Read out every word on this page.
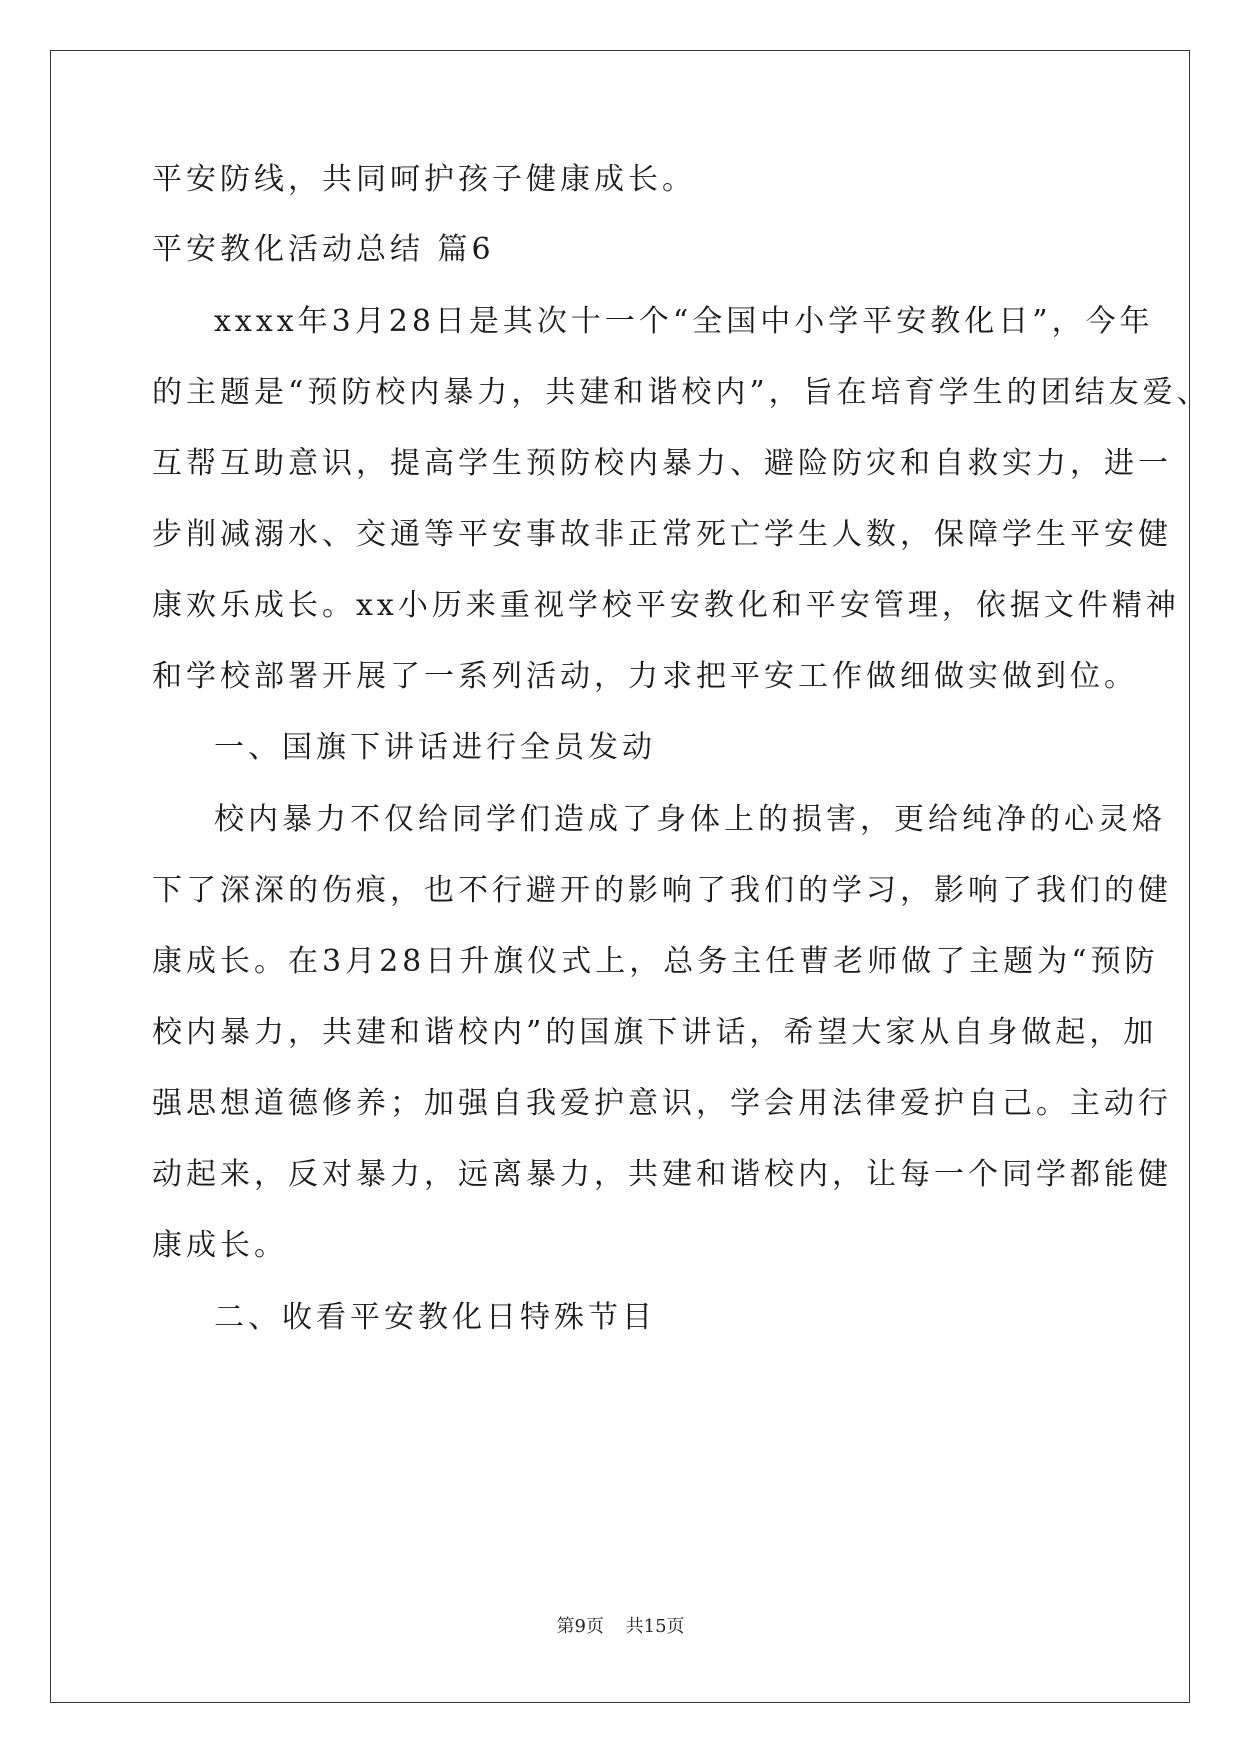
平安防线，共同呵护孩子健康成长。
平安教化活动总结 篇6
xxxx年3月28日是其次十一个“全国中小学平安教化日”，今年
的主题是“预防校内暴力，共建和谐校内”，旨在培育学生的团结友爱、
互帮互助意识，提高学生预防校内暴力、避险防灾和自救实力，进一
步削减溺水、交通等平安事故非正常死亡学生人数，保障学生平安健
康欢乐成长。xx小历来重视学校平安教化和平安管理，依据文件精神
和学校部署开展了一系列活动，力求把平安工作做细做实做到位。
一、国旗下讲话进行全员发动
校内暴力不仅给同学们造成了身体上的损害，更给纯净的心灵烙
下了深深的伤痕，也不行避开的影响了我们的学习，影响了我们的健
康成长。在3月28日升旗仪式上，总务主任曹老师做了主题为“预防
校内暴力，共建和谐校内”的国旗下讲话，希望大家从自身做起，加
强思想道德修养；加强自我爱护意识，学会用法律爱护自己。主动行
动起来，反对暴力，远离暴力，共建和谐校内，让每一个同学都能健
康成长。
二、收看平安教化日特殊节目
第9页 共15页
